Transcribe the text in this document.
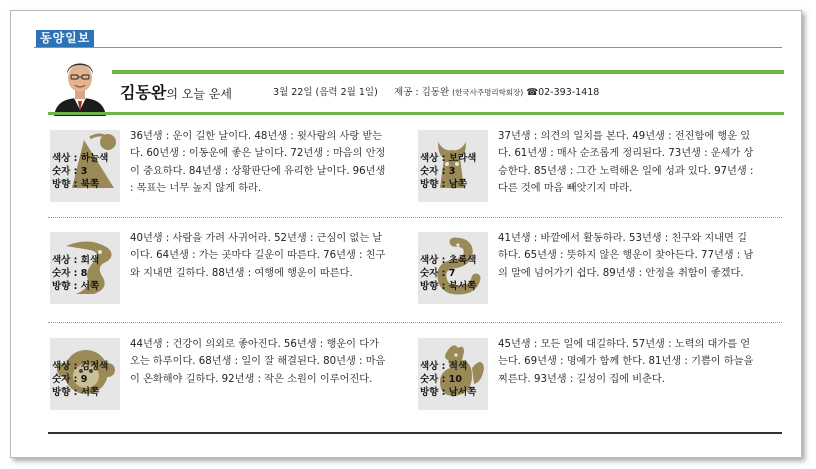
동양일보
김동완의 오늘 운세	3월 22일 (음력 2월 1일) 제공 : 김동완 (한국사주명리학회장) ☎02-393-1418
색상 : 하늘색
숫자 : 3
방향 : 북쪽
36년생 : 운이 길한 날이다. 48년생 : 윗사람의 사랑 받는다. 60년생 : 이동운에 좋은 날이다. 72년생 : 마음의 안정이 중요하다. 84년생 : 상황판단에 유리한 날이다. 96년생 : 목표는 너무 높지 않게 하라.
색상 : 보라색
숫자 : 3
방향 : 남쪽
37년생 : 의견의 일치를 본다. 49년생 : 전진함에 행운 있다. 61년생 : 매사 순조롭게 정리된다. 73년생 : 운세가 상승한다. 85년생 : 그간 노력해온 일에 성과 있다. 97년생 : 다른 것에 마음 빼앗기지 마라.
색상 : 회색
숫자 : 8
방향 : 서쪽
40년생 : 사람을 가려 사귀어라. 52년생 : 근심이 없는 날이다. 64년생 : 가는 곳마다 길운이 따른다. 76년생 : 친구와 지내면 길하다. 88년생 : 여행에 행운이 따른다.
색상 : 초록색
숫자 : 7
방향 : 북서쪽
41년생 : 바깥에서 활동하라. 53년생 : 친구와 지내면 길하다. 65년생 : 뜻하지 않은 행운이 찾아든다. 77년생 : 남의 말에 넘어가기 쉽다. 89년생 : 안정을 취함이 좋겠다.
색상 : 검정색
숫자 : 9
방향 : 서쪽
44년생 : 건강이 의외로 좋아진다. 56년생 : 행운이 다가오는 하루이다. 68년생 : 일이 잘 해결된다. 80년생 : 마음이 온화해야 길하다. 92년생 : 작은 소원이 이루어진다.
색상 : 적색
숫자 : 10
방향 : 남서쪽
45년생 : 모든 일에 대길하다. 57년생 : 노력의 대가를 얻는다. 69년생 : 명예가 함께 한다. 81년생 : 기쁨이 하늘을 찌른다. 93년생 : 길성이 집에 비춘다.
